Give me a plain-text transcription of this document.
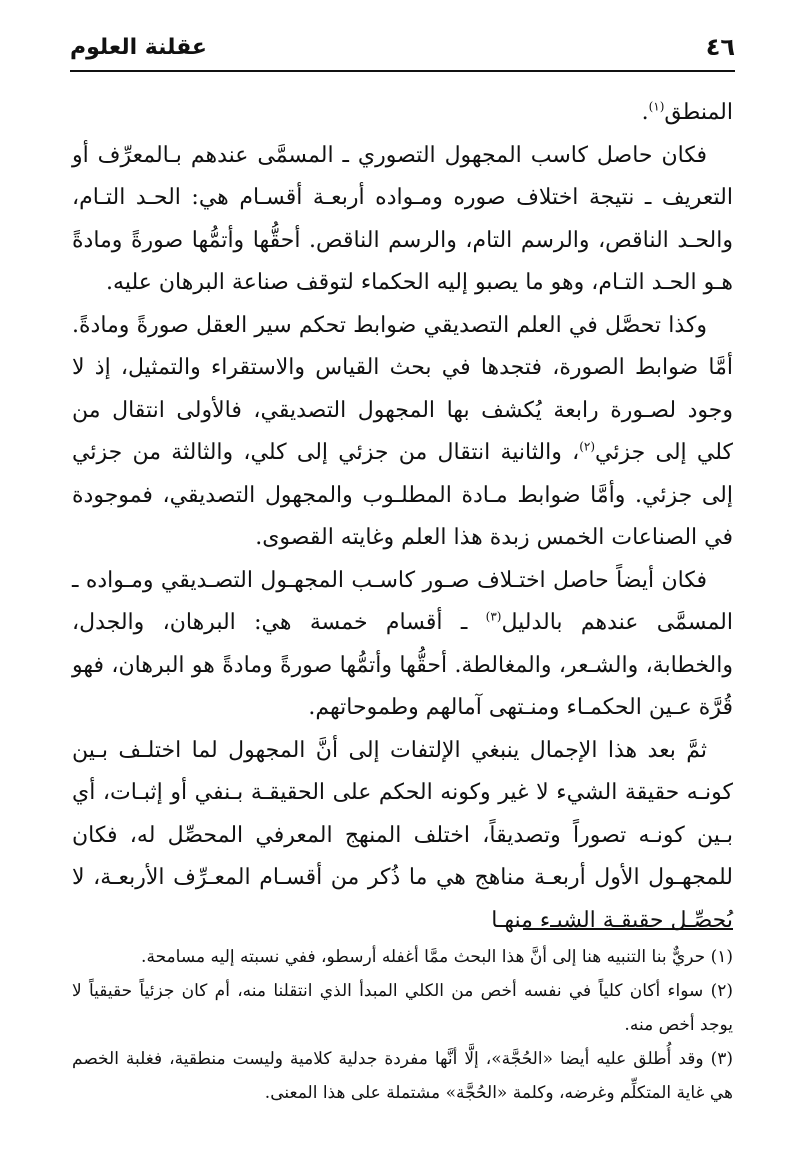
٤٦
عقلنة العلوم

المنطق$^{(١)}$.

فكان حاصل كاسب المجهول التصوري ـ المسمَّى عندهم بـالمعرِّف أو التعريف ـ نتيجة اختلاف صوره ومـواده أربعـة أقسـام هي: الحـد التـام، والحـد الناقص، والرسم التام، والرسم الناقص. أحقُّها وأتمُّها صورةً ومادةً هـو الحـد التـام، وهو ما يصبو إليه الحكماء لتوقف صناعة البرهان عليه.

وكذا تحصَّل في العلم التصديقي ضوابط تحكم سير العقل صورةً ومادةً. أمَّا ضوابط الصورة، فتجدها في بحث القياس والاستقراء والتمثيل، إذ لا وجود لصـورة رابعة يُكشف بها المجهول التصديقي، فالأولى انتقال من كلي إلى جزئي$^{(٢)}$، والثانية انتقال من جزئي إلى كلي، والثالثة من جزئي إلى جزئي. وأمَّا ضوابط مـادة المطلـوب والمجهول التصديقي، فموجودة في الصناعات الخمس زبدة هذا العلم وغايته القصوى.

فكان أيضاً حاصل اختـلاف صـور كاسـب المجهـول التصـديقي ومـواده ـ المسمَّى عندهم بالدليل$^{(٣)}$ ـ أقسام خمسة هي: البرهان، والجدل، والخطابة، والشـعر، والمغالطة. أحقُّها وأتمُّها صورةً ومادةً هو البرهان، فهو قُرَّة عـين الحكمـاء ومنـتهى آمالهم وطموحاتهم.

ثمَّ بعد هذا الإجمال ينبغي الإلتفات إلى أنَّ المجهول لما اختلـف بـين كونـه حقيقة الشيء لا غير وكونه الحكم على الحقيقـة بـنفي أو إثبـات، أي بـين كونـه تصوراً وتصديقاً، اختلف المنهج المعرفي المحصِّل له، فكان للمجهـول الأول أربعـة مناهج هي ما ذُكر من أقسـام المعـرِّف الأربعـة، لا يُحصِّـل حقيقـة الشيـء منهـا

(١) حريٌّ بنا التنبيه هنا إلى أنَّ هذا البحث ممَّا أغفله أرسطو، ففي نسبته إليه مسامحة.

(٢) سواء أكان كلياً في نفسه أخص من الكلي المبدأ الذي انتقلنا منه، أم كان جزئياً حقيقياً لا يوجد أخص منه.

(٣) وقد أُطلق عليه أيضا «الحُجَّة»، إلَّا أنَّها مفردة جدلية كلامية وليست منطقية، فغلبة الخصم هي غاية المتكلِّم وغرضه، وكلمة «الحُجَّة» مشتملة على هذا المعنى.
